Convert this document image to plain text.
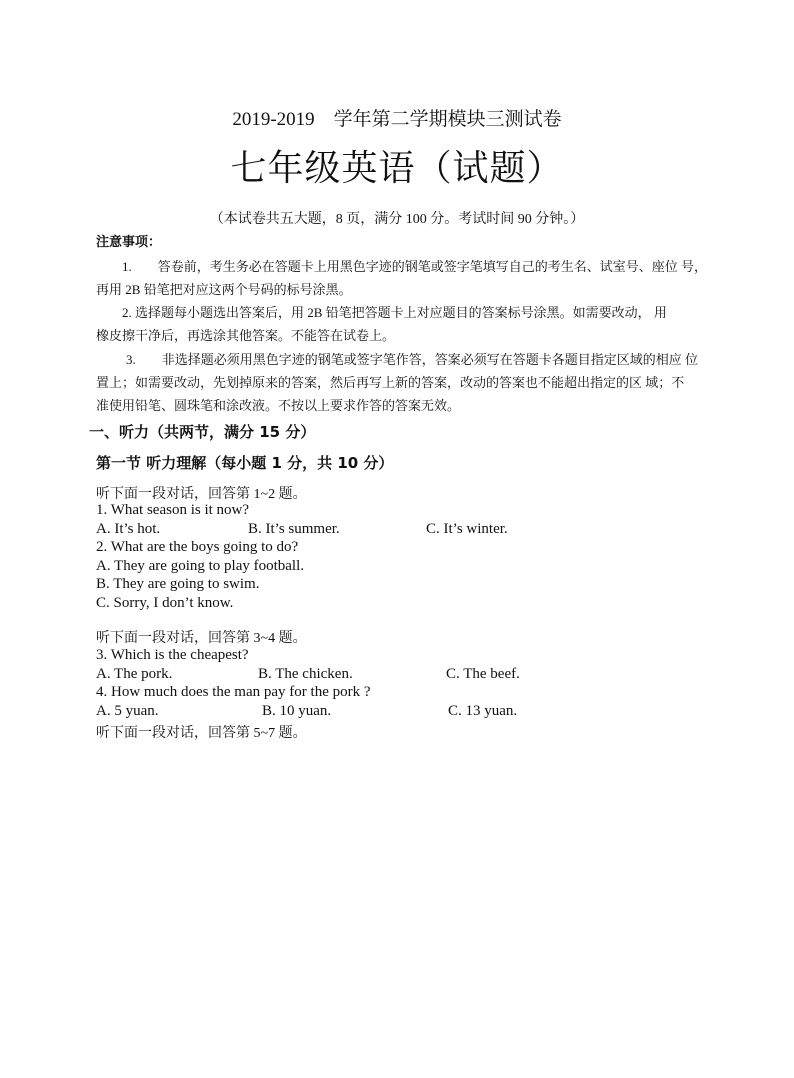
2019-2019　学年第二学期模块三测试卷
七年级英语（试题）
（本试卷共五大题，8 页，满分 100 分。考试时间 90 分钟。）
注意事项：
1.　　答卷前，考生务必在答题卡上用黑色字迹的钢笔或签字笔填写自己的考生名、试室号、座位 号，
再用 2B 铅笔把对应这两个号码的标号涂黑。
2. 选择题每小题选出答案后，用 2B 铅笔把答题卡上对应题目的答案标号涂黑。如需要改动， 用
橡皮擦干净后，再选涂其他答案。不能答在试卷上。
3.　　非选择题必须用黑色字迹的钢笔或签字笔作答，答案必须写在答题卡各题目指定区域的相应 位
置上；如需要改动，先划掉原来的答案，然后再写上新的答案，改动的答案也不能超出指定的区 域；不
准使用铅笔、圆珠笔和涂改液。不按以上要求作答的答案无效。
一、听力（共两节，满分 15 分）
第一节 听力理解（每小题 1 分，共 10 分）
听下面一段对话，回答第 1~2 题。
1. What season is it now?
A. It’s hot.	B. It’s summer.	C. It’s winter.
2. What are the boys going to do?
A. They are going to play football.
B. They are going to swim.
C. Sorry, I don’t know.
听下面一段对话，回答第 3~4 题。
3. Which is the cheapest?
A. The pork.	B. The chicken.	C. The beef.
4. How much does the man pay for the pork ?
A. 5 yuan.	B. 10 yuan.	C. 13 yuan.
听下面一段对话，回答第 5~7 题。
